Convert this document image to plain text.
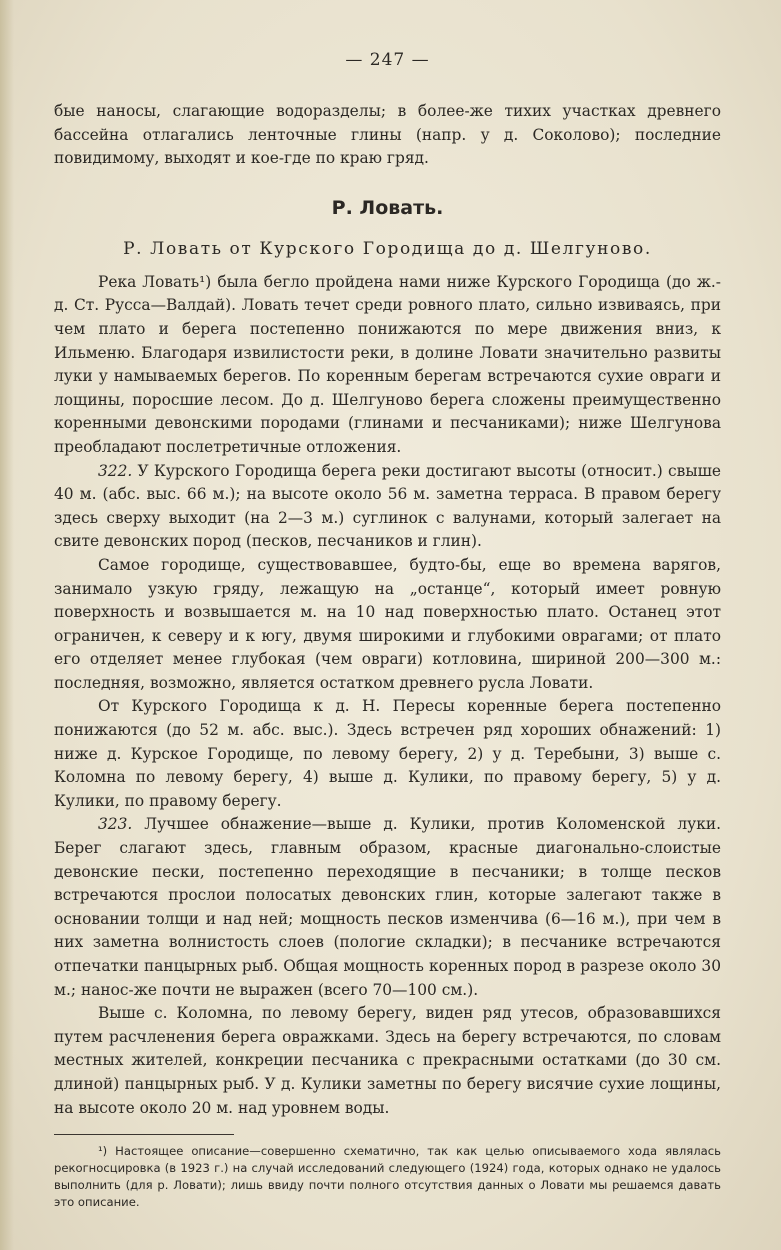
— 247 —

бые наносы, слагающие водоразделы; в более-же тихих участках древнего бассейна отлагались ленточные глины (напр. у д. Соколово); последние повидимому, выходят и кое-где по краю гряд.

Р. Ловать.
Р. Ловать от Курского Городища до д. Шелгуново.

Река Ловать¹) была бегло пройдена нами ниже Курского Городища (до ж.-д. Ст. Русса—Валдай). Ловать течет среди ровного плато, сильно извиваясь, при чем плато и берега постепенно понижаются по мере движения вниз, к Ильменю. Благодаря извилистости реки, в долине Ловати значительно развиты луки у намываемых берегов. По коренным берегам встречаются сухие овраги и лощины, поросшие лесом. До д. Шелгуново берега сложены преимущественно коренными девонскими породами (глинами и песчаниками); ниже Шелгунова преобладают послетретичные отложения.

322. У Курского Городища берега реки достигают высоты (относит.) свыше 40 м. (абс. выс. 66 м.); на высоте около 56 м. заметна терраса. В правом берегу здесь сверху выходит (на 2—3 м.) суглинок с валунами, который залегает на свите девонских пород (песков, песчаников и глин).

Самое городище, существовавшее, будто-бы, еще во времена варягов, занимало узкую гряду, лежащую на „останце“, который имеет ровную поверхность и возвышается м. на 10 над поверхностью плато. Останец этот ограничен, к северу и к югу, двумя широкими и глубокими оврагами; от плато его отделяет менее глубокая (чем овраги) котловина, шириной 200—300 м.: последняя, возможно, является остатком древнего русла Ловати.

От Курского Городища к д. Н. Пересы коренные берега постепенно понижаются (до 52 м. абс. выс.). Здесь встречен ряд хороших обнажений: 1) ниже д. Курское Городище, по левому берегу, 2) у д. Теребыни, 3) выше с. Коломна по левому берегу, 4) выше д. Кулики, по правому берегу, 5) у д. Кулики, по правому берегу.

323. Лучшее обнажение—выше д. Кулики, против Коломенской луки. Берег слагают здесь, главным образом, красные диагонально-слоистые девонские пески, постепенно переходящие в песчаники; в толще песков встречаются прослои полосатых девонских глин, которые залегают также в основании толщи и над ней; мощность песков изменчива (6—16 м.), при чем в них заметна волнистость слоев (пологие складки); в песчанике встречаются отпечатки панцырных рыб. Общая мощность коренных пород в разрезе около 30 м.; нанос-же почти не выражен (всего 70—100 см.).

Выше с. Коломна, по левому берегу, виден ряд утесов, образовавшихся путем расчленения берега овражками. Здесь на берегу встречаются, по словам местных жителей, конкреции песчаника с прекрасными остатками (до 30 см. длиной) панцырных рыб. У д. Кулики заметны по берегу висячие сухие лощины, на высоте около 20 м. над уровнем воды.

¹) Настоящее описание—совершенно схематично, так как целью описываемого хода являлась рекогносцировка (в 1923 г.) на случай исследований следующего (1924) года, которых однако не удалось выполнить (для р. Ловати); лишь ввиду почти полного отсутствия данных о Ловати мы решаемся давать это описание.
